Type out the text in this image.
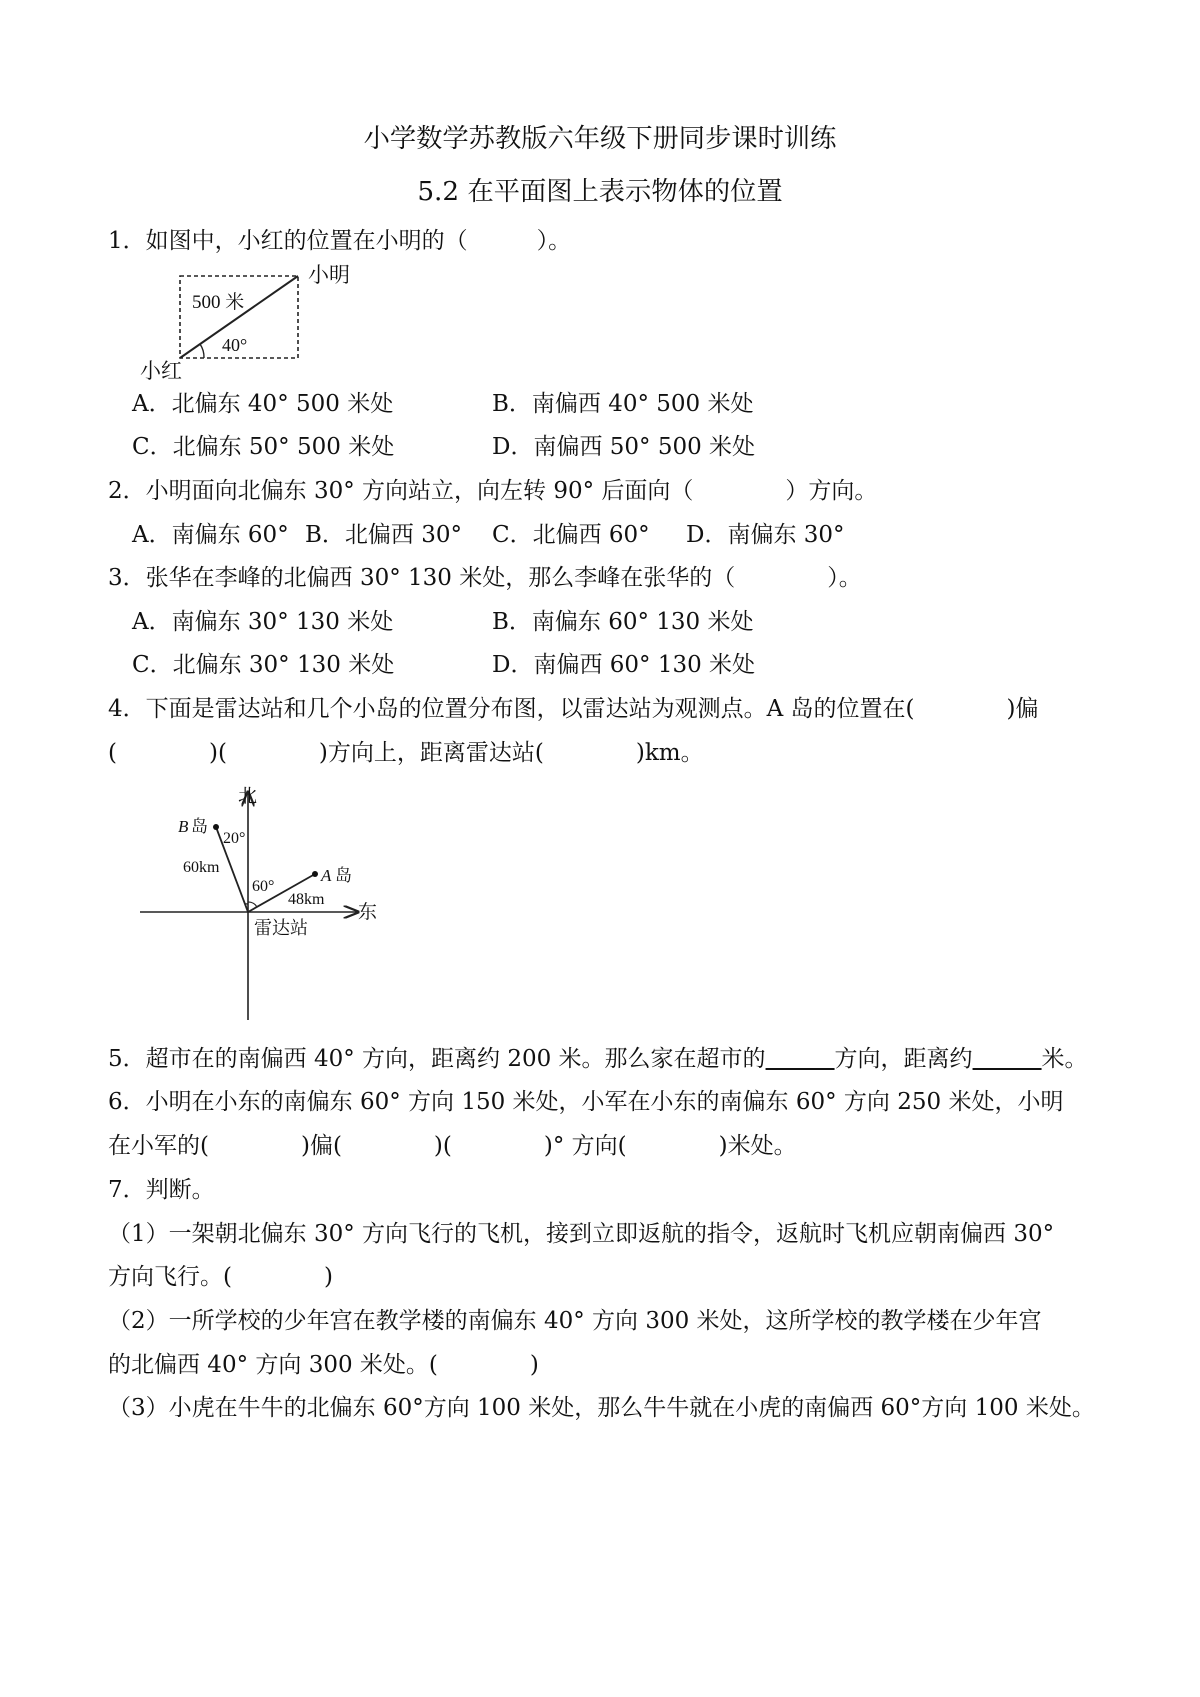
小学数学苏教版六年级下册同步课时训练
5.2 在平面图上表示物体的位置
1．如图中，小红的位置在小明的（　　　）。
小明
小红
500 米
40°
A．北偏东 40° 500 米处	B．南偏西 40° 500 米处
C．北偏东 50° 500 米处	D．南偏西 50° 500 米处
2．小明面向北偏东 30° 方向站立，向左转 90° 后面向（　　　　）方向。
A．南偏东 60° B．北偏西 30° C．北偏西 60° D．南偏东 30°
3．张华在李峰的北偏西 30° 130 米处，那么李峰在张华的（　　　　）。
A．南偏东 30° 130 米处	B．南偏东 60° 130 米处
C．北偏东 30° 130 米处	D．南偏西 60° 130 米处
4．下面是雷达站和几个小岛的位置分布图，以雷达站为观测点。A 岛的位置在(　　　　)偏
(　　　　)(　　　　)方向上，距离雷达站(　　　　)km。
北
东
雷达站
B 岛
20°
60km	A 岛
60°
48km
5．超市在的南偏西 40° 方向，距离约 200 米。那么家在超市的　　　	方向，距离约　　　	米。
6．小明在小东的南偏东 60° 方向 150 米处，小军在小东的南偏东 60° 方向 250 米处，小明
在小军的(　　　　)偏(　　　　)(　　　　)° 方向(　　　　)米处。
7．判断。
（1）一架朝北偏东 30° 方向飞行的飞机，接到立即返航的指令，返航时飞机应朝南偏西 30°
方向飞行。(　　　　)
（2）一所学校的少年宫在教学楼的南偏东 40° 方向 300 米处，这所学校的教学楼在少年宫
的北偏西 40° 方向 300 米处。(　　　　)
（3）小虎在牛牛的北偏东 60°方向 100 米处，那么牛牛就在小虎的南偏西 60°方向 100 米处。
